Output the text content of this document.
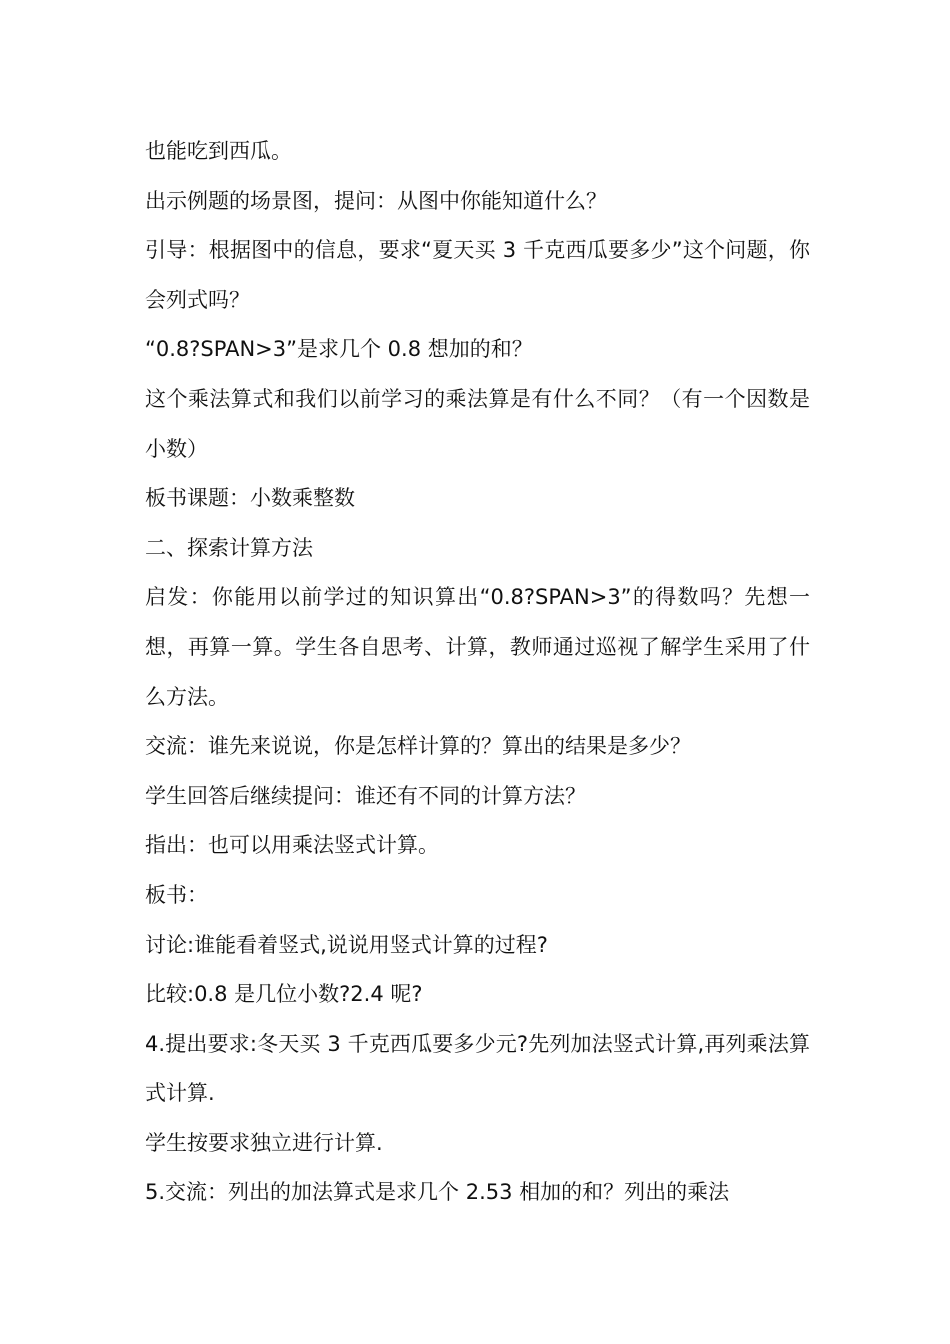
也能吃到西瓜。

出示例题的场景图，提问：从图中你能知道什么？

引导：根据图中的信息，要求“夏天买 3 千克西瓜要多少”这个问题，你会列式吗？

“0.8?SPAN>3”是求几个 0.8 想加的和？

这个乘法算式和我们以前学习的乘法算是有什么不同？（有一个因数是小数）

板书课题：小数乘整数

二、探索计算方法

启发：你能用以前学过的知识算出“0.8?SPAN>3”的得数吗？先想一想，再算一算。学生各自思考、计算，教师通过巡视了解学生采用了什么方法。

交流：谁先来说说，你是怎样计算的？算出的结果是多少？

学生回答后继续提问：谁还有不同的计算方法？

指出：也可以用乘法竖式计算。

板书：

讨论:谁能看着竖式,说说用竖式计算的过程?

比较:0.8 是几位小数?2.4 呢?

4.提出要求:冬天买 3 千克西瓜要多少元?先列加法竖式计算,再列乘法算式计算.

学生按要求独立进行计算.

5.交流：列出的加法算式是求几个 2.53 相加的和？列出的乘法
